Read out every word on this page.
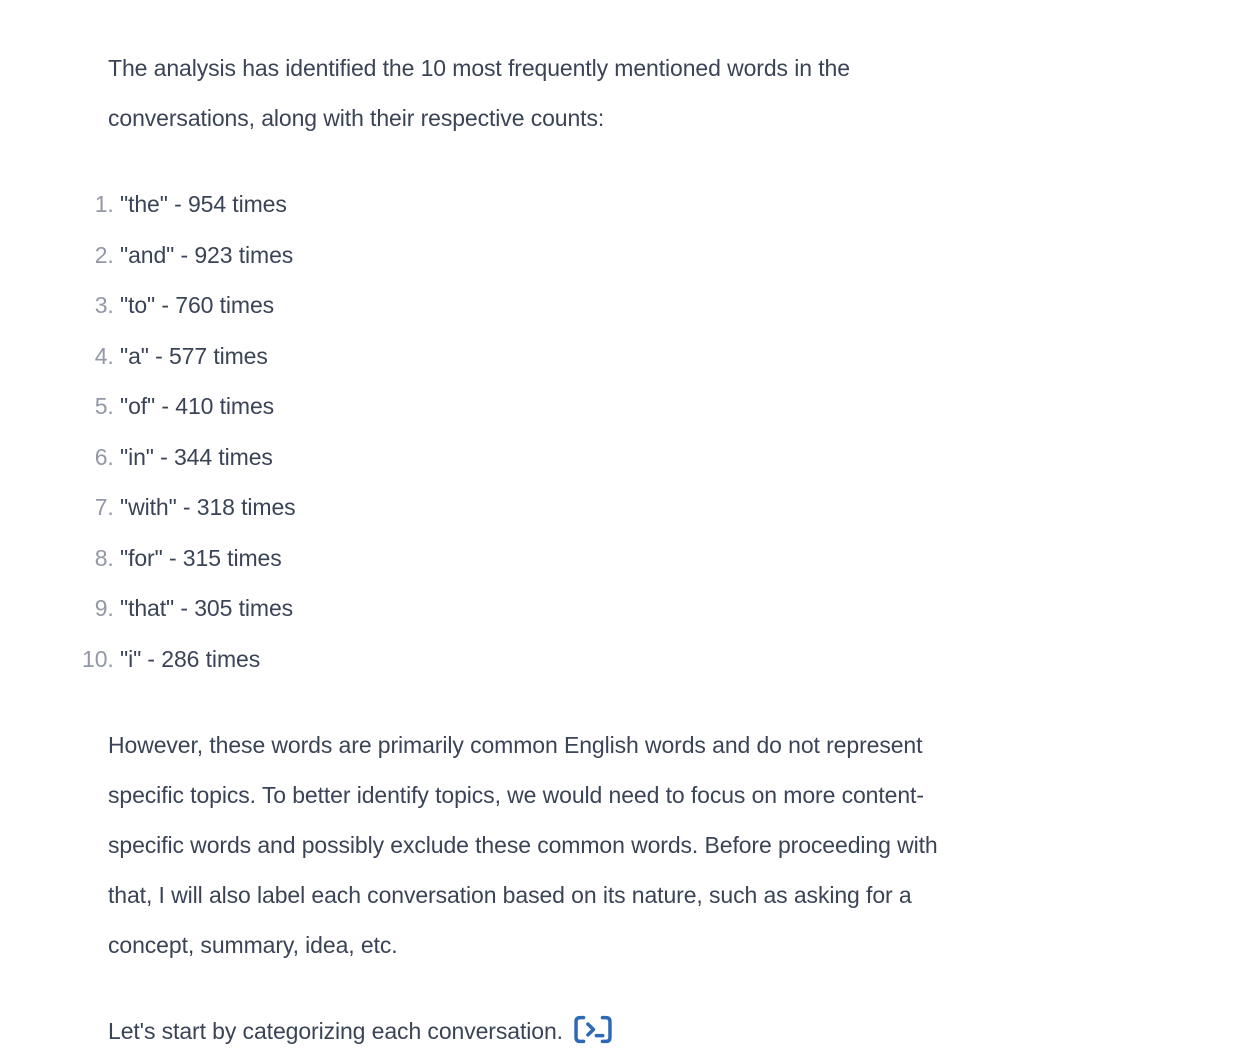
The analysis has identified the 10 most frequently mentioned words in the
conversations, along with their respective counts:

1. "the" - 954 times
2. "and" - 923 times
3. "to" - 760 times
4. "a" - 577 times
5. "of" - 410 times
6. "in" - 344 times
7. "with" - 318 times
8. "for" - 315 times
9. "that" - 305 times
10. "i" - 286 times

However, these words are primarily common English words and do not represent
specific topics. To better identify topics, we would need to focus on more content-
specific words and possibly exclude these common words. Before proceeding with
that, I will also label each conversation based on its nature, such as asking for a
concept, summary, idea, etc.

Let's start by categorizing each conversation.
